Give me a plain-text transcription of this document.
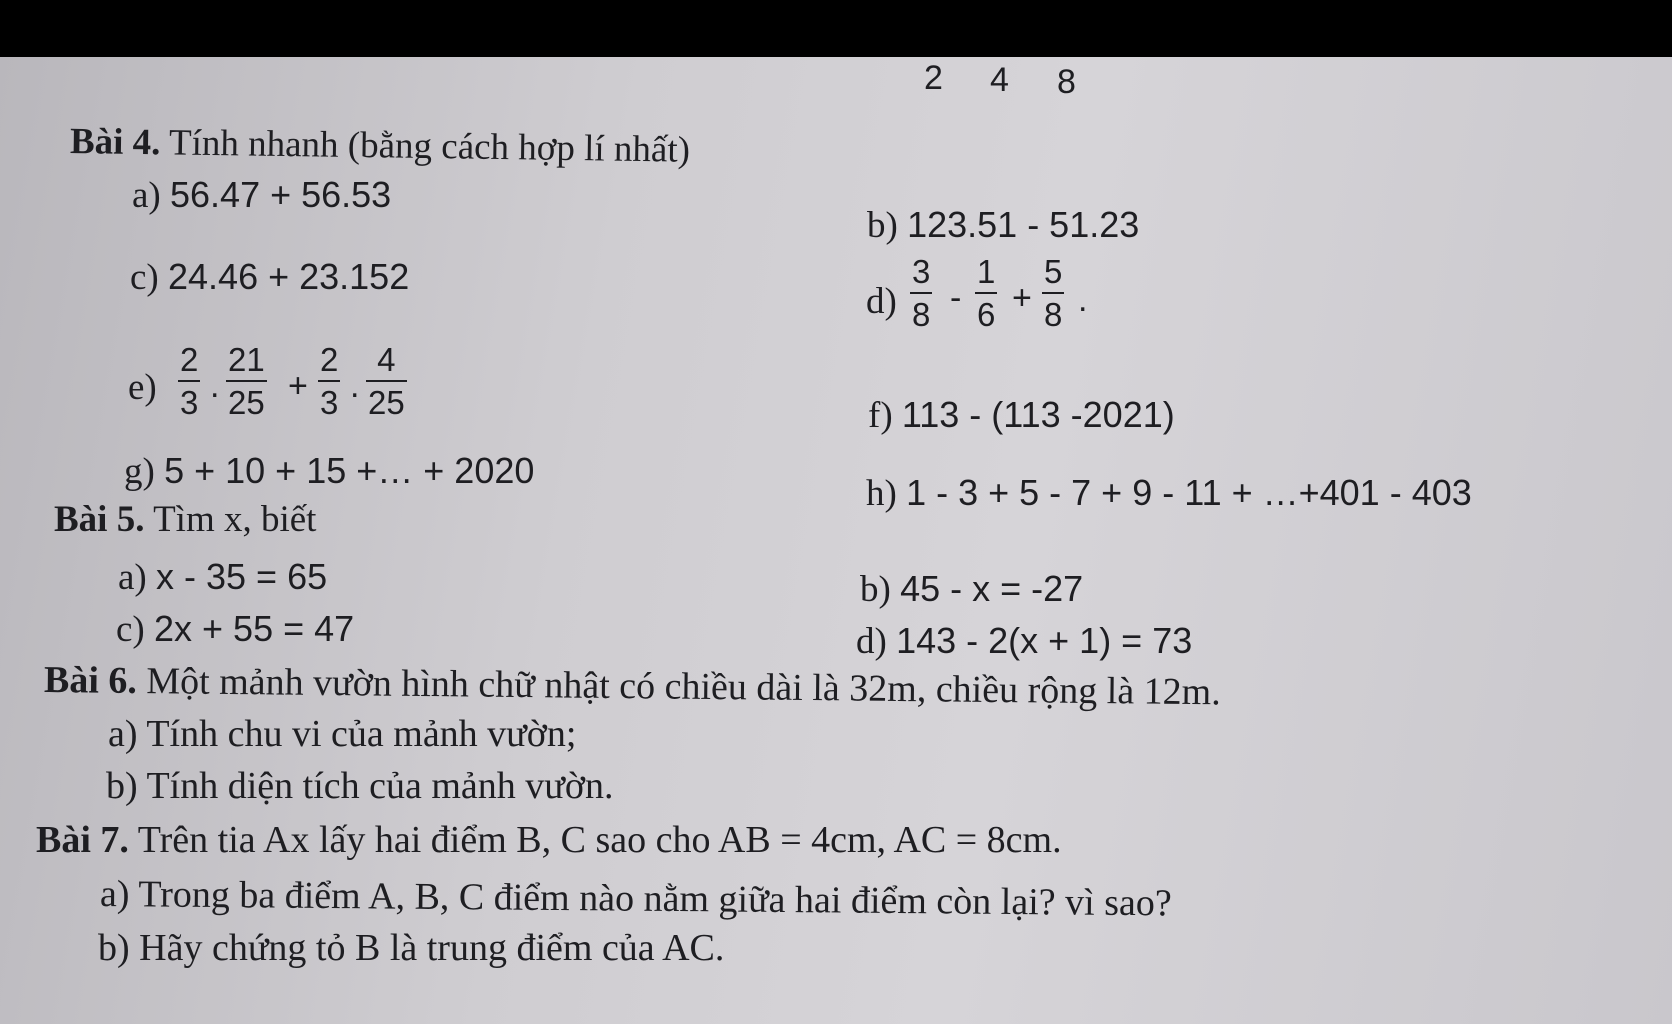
2 4 8
Bài 4. Tính nhanh (bằng cách hợp lí nhất)
a) 56.47 + 56.53
b) 123.51 - 51.23
c) 24.46 + 23.152
d)
3
8 -
1
6 +
5
8 .
e)
2
3 .
21
25 +
2
3 .
4
25	f) 113 - (113 -2021)
g) 5 + 10 + 15 +… + 2020
h) 1 - 3 + 5 - 7 + 9 - 11 + …+401 - 403
Bài 5. Tìm x, biết
a) x - 35 = 65	b) 45 - x = -27
c) 2x + 55 = 47	d) 143 - 2(x + 1) = 73
Bài 6. Một mảnh vườn hình chữ nhật có chiều dài là 32m, chiều rộng là 12m.
a) Tính chu vi của mảnh vườn;
b) Tính diện tích của mảnh vườn.
Bài 7. Trên tia Ax lấy hai điểm B, C sao cho AB = 4cm, AC = 8cm.
a) Trong ba điểm A, B, C điểm nào nằm giữa hai điểm còn lại? vì sao?
b) Hãy chứng tỏ B là trung điểm của AC.
